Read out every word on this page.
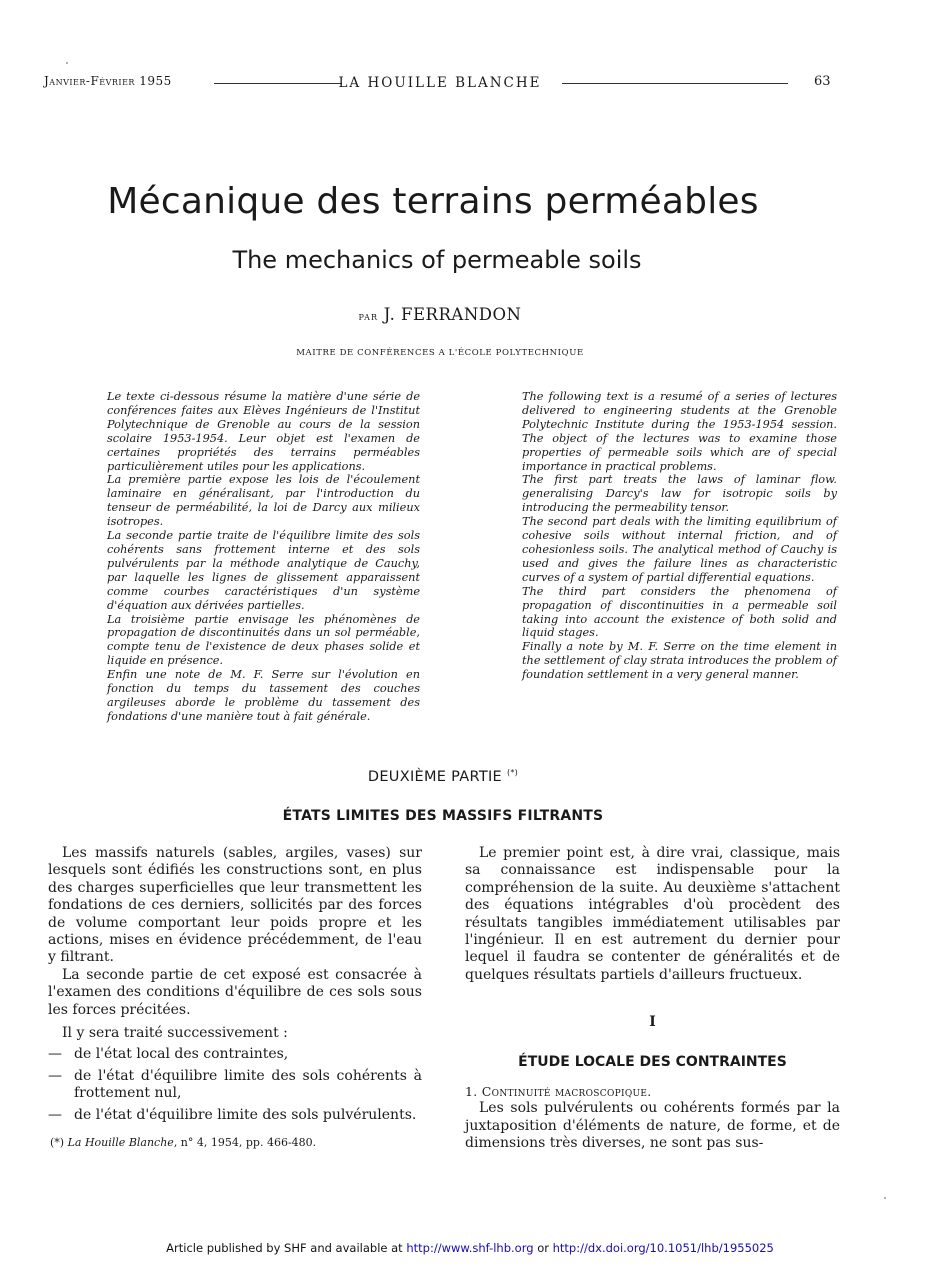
Janvier-Février 1955	LA HOUILLE BLANCHE	63
Mécanique des terrains perméables
The mechanics of permeable soils
par J. FERRANDON
MAITRE DE CONFÉRENCES A L'ÉCOLE POLYTECHNIQUE

Le texte ci-dessous résume la matière d'une série de conférences faites aux Elèves Ingénieurs de l'Institut Polytechnique de Grenoble au cours de la session scolaire 1953-1954. Leur objet est l'examen de certaines propriétés des terrains perméables particulièrement utiles pour les applications.

La première partie expose les lois de l'écoulement laminaire en généralisant, par l'introduction du tenseur de perméabilité, la loi de Darcy aux milieux isotropes.

La seconde partie traite de l'équilibre limite des sols cohérents sans frottement interne et des sols pulvérulents par la méthode analytique de Cauchy, par laquelle les lignes de glissement apparaissent comme courbes caractéristiques d'un système d'équation aux dérivées partielles.

La troisième partie envisage les phénomènes de propagation de discontinuités dans un sol perméable, compte tenu de l'existence de deux phases solide et liquide en présence.

Enfin une note de M. F. Serre sur l'évolution en fonction du temps du tassement des couches argileuses aborde le problème du tassement des fondations d'une manière tout à fait générale.

The following text is a resumé of a series of lectures delivered to engineering students at the Grenoble Polytechnic Institute during the 1953-1954 session. The object of the lectures was to examine those properties of permeable soils which are of special importance in practical problems.

The first part treats the laws of laminar flow. generalising Darcy's law for isotropic soils by introducing the permeability tensor.

The second part deals with the limiting equilibrium of cohesive soils without internal friction, and of cohesionless soils. The analytical method of Cauchy is used and gives the failure lines as characteristic curves of a system of partial differential equations.

The third part considers the phenomena of propagation of discontinuities in a permeable soil taking into account the existence of both solid and liquid stages.

Finally a note by M. F. Serre on the time element in the settlement of clay strata introduces the problem of foundation settlement in a very general manner.

DEUXIÈME PARTIE (*)
ÉTATS LIMITES DES MASSIFS FILTRANTS

Les massifs naturels (sables, argiles, vases) sur lesquels sont édifiés les constructions sont, en plus des charges superficielles que leur transmettent les fondations de ces derniers, sollicités par des forces de volume comportant leur poids propre et les actions, mises en évidence précédemment, de l'eau y filtrant.

La seconde partie de cet exposé est consacrée à l'examen des conditions d'équilibre de ces sols sous les forces précitées.

Il y sera traité successivement :

— de l'état local des contraintes,
— de l'état d'équilibre limite des sols cohérents à frottement nul,
— de l'état d'équilibre limite des sols pulvérulents.
(*) La Houille Blanche, n° 4, 1954, pp. 466-480.

Le premier point est, à dire vrai, classique, mais sa connaissance est indispensable pour la compréhension de la suite. Au deuxième s'attachent des équations intégrables d'où procèdent des résultats tangibles immédiatement utilisables par l'ingénieur. Il en est autrement du dernier pour lequel il faudra se contenter de généralités et de quelques résultats partiels d'ailleurs fructueux.

I
ÉTUDE LOCALE DES CONTRAINTES
1. Continuité macroscopique.

Les sols pulvérulents ou cohérents formés par la juxtaposition d'éléments de nature, de forme, et de dimensions très diverses, ne sont pas sus-

Article published by SHF and available at http://www.shf-lhb.org or http://dx.doi.org/10.1051/lhb/1955025
